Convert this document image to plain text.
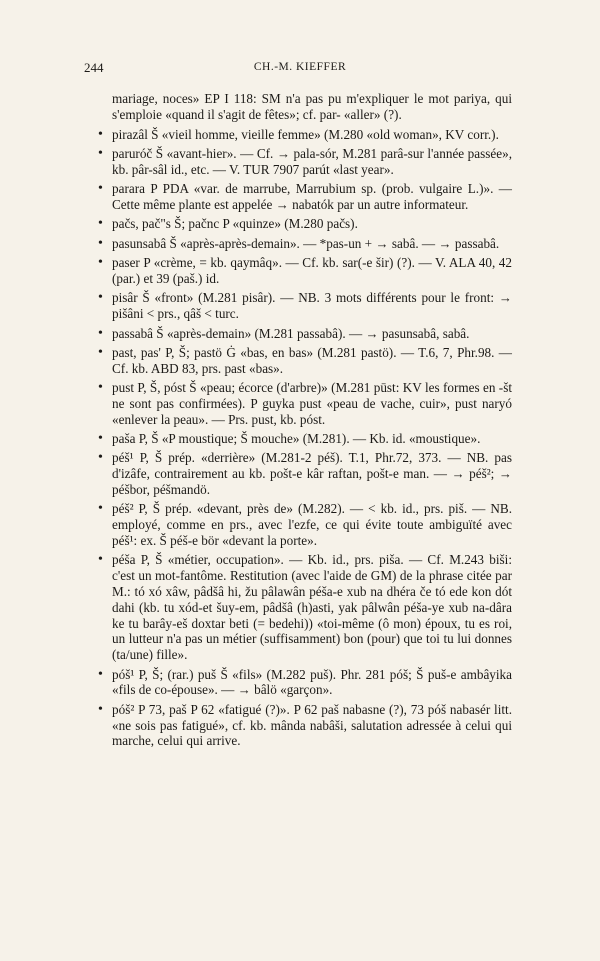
244	CH.-M. KIEFFER

mariage, noces» EP I 118: SM n'a pas pu m'expliquer le mot pariya, qui s'emploie «quand il s'agit de fêtes»; cf. par- «aller» (?).

• pirazâl Š «vieil homme, vieille femme» (M.280 «old woman», KV corr.).
• paruróč Š «avant-hier». — Cf. → pala-sór, M.281 parâ-sur l'année passée», kb. pâr-sâl id., etc. — V. TUR 7907 parút «last year».
• parara P PDA «var. de marrube, Marrubium sp. (prob. vulgaire L.)». — Cette même plante est appelée → nabatók par un autre informateur.
• pačs, pač"s Š; pačnc P «quinze» (M.280 pačs).
• pasunsabâ Š «après-après-demain». — *pas-un + → sabâ. — → passabâ.
• paser P «crème, = kb. qaymâq». — Cf. kb. sar(-e šir) (?). — V. ALA 40, 42 (par.) et 39 (paš.) id.
• pisâr Š «front» (M.281 pisâr). — NB. 3 mots différents pour le front: → pišâni < prs., qâš < turc.
• passabâ Š «après-demain» (M.281 passabâ). — → pasunsabâ, sabâ.
• past, pas' P, Š; pastö Ġ «bas, en bas» (M.281 pastö). — T.6, 7, Phr.98. — Cf. kb. ABD 83, prs. past «bas».
• pust P, Š, póst Š «peau; écorce (d'arbre)» (M.281 pūst: KV les formes en -št ne sont pas confirmées). P guyka pust «peau de vache, cuir», pust naryó «enlever la peau». — Prs. pust, kb. póst.
• paša P, Š «P moustique; Š mouche» (M.281). — Kb. id. «moustique».
• péš¹ P, Š prép. «derrière» (M.281-2 péš). T.1, Phr.72, 373. — NB. pas d'izâfe, contrairement au kb. pošt-e kâr raftan, pošt-e man. — → péš²; → péšbor, péšmandö.
• péš² P, Š prép. «devant, près de» (M.282). — < kb. id., prs. piš. — NB. employé, comme en prs., avec l'ezfe, ce qui évite toute ambiguïté avec péš¹: ex. Š péš-e bör «devant la porte».
• péša P, Š «métier, occupation». — Kb. id., prs. piša. — Cf. M.243 biši: c'est un mot-fantôme. Restitution (avec l'aide de GM) de la phrase citée par M.: tó xó xâw, pâdšâ hi, žu pâlawân péša-e xub na dhéra če tó ede kon dót dahi (kb. tu xód-et šuy-em, pâdšâ (h)asti, yak pâlwân péša-ye xub na-dâra ke tu barây-eš doxtar beti (= bedehi)) «toi-même (ô mon) époux, tu es roi, un lutteur n'a pas un métier (suffisamment) bon (pour) que toi tu lui donnes (ta/une) fille».
• póš¹ P, Š; (rar.) puš Š «fils» (M.282 puš). Phr. 281 póš; Š puš-e ambâyika «fils de co-épouse». — → bâlö «garçon».
• póš² P 73, paš P 62 «fatigué (?)». P 62 paš nabasne (?), 73 póš nabasér litt. «ne sois pas fatigué», cf. kb. mânda nabâši, salutation adressée à celui qui marche, celui qui arrive.
